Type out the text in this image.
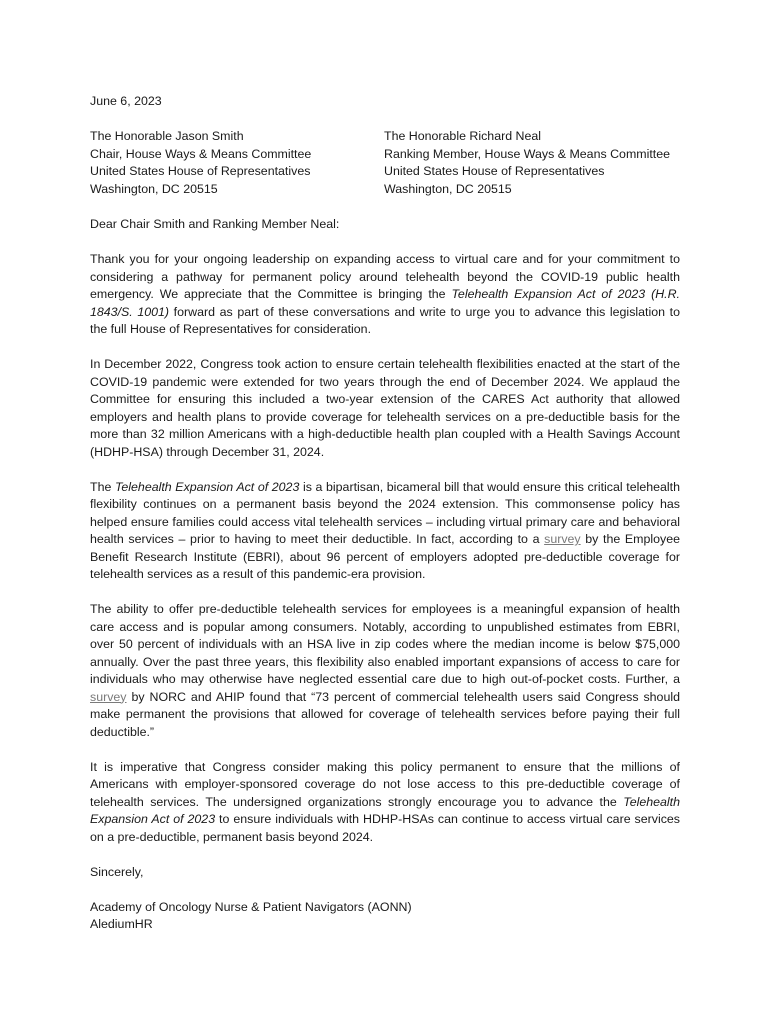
June 6, 2023
The Honorable Jason Smith
Chair, House Ways & Means Committee
United States House of Representatives
Washington, DC 20515
The Honorable Richard Neal
Ranking Member, House Ways & Means Committee
United States House of Representatives
Washington, DC 20515
Dear Chair Smith and Ranking Member Neal:

Thank you for your ongoing leadership on expanding access to virtual care and for your commitment to considering a pathway for permanent policy around telehealth beyond the COVID-19 public health emergency. We appreciate that the Committee is bringing the Telehealth Expansion Act of 2023 (H.R. 1843/S. 1001) forward as part of these conversations and write to urge you to advance this legislation to the full House of Representatives for consideration.

In December 2022, Congress took action to ensure certain telehealth flexibilities enacted at the start of the COVID-19 pandemic were extended for two years through the end of December 2024. We applaud the Committee for ensuring this included a two-year extension of the CARES Act authority that allowed employers and health plans to provide coverage for telehealth services on a pre-deductible basis for the more than 32 million Americans with a high-deductible health plan coupled with a Health Savings Account (HDHP-HSA) through December 31, 2024.

The Telehealth Expansion Act of 2023 is a bipartisan, bicameral bill that would ensure this critical telehealth flexibility continues on a permanent basis beyond the 2024 extension. This commonsense policy has helped ensure families could access vital telehealth services – including virtual primary care and behavioral health services – prior to having to meet their deductible. In fact, according to a survey by the Employee Benefit Research Institute (EBRI), about 96 percent of employers adopted pre-deductible coverage for telehealth services as a result of this pandemic-era provision.

The ability to offer pre-deductible telehealth services for employees is a meaningful expansion of health care access and is popular among consumers. Notably, according to unpublished estimates from EBRI, over 50 percent of individuals with an HSA live in zip codes where the median income is below $75,000 annually. Over the past three years, this flexibility also enabled important expansions of access to care for individuals who may otherwise have neglected essential care due to high out-of-pocket costs. Further, a survey by NORC and AHIP found that “73 percent of commercial telehealth users said Congress should make permanent the provisions that allowed for coverage of telehealth services before paying their full deductible.”

It is imperative that Congress consider making this policy permanent to ensure that the millions of Americans with employer-sponsored coverage do not lose access to this pre-deductible coverage of telehealth services. The undersigned organizations strongly encourage you to advance the Telehealth Expansion Act of 2023 to ensure individuals with HDHP-HSAs can continue to access virtual care services on a pre-deductible, permanent basis beyond 2024.

Sincerely,
Academy of Oncology Nurse & Patient Navigators (AONN)
AlediumHR
